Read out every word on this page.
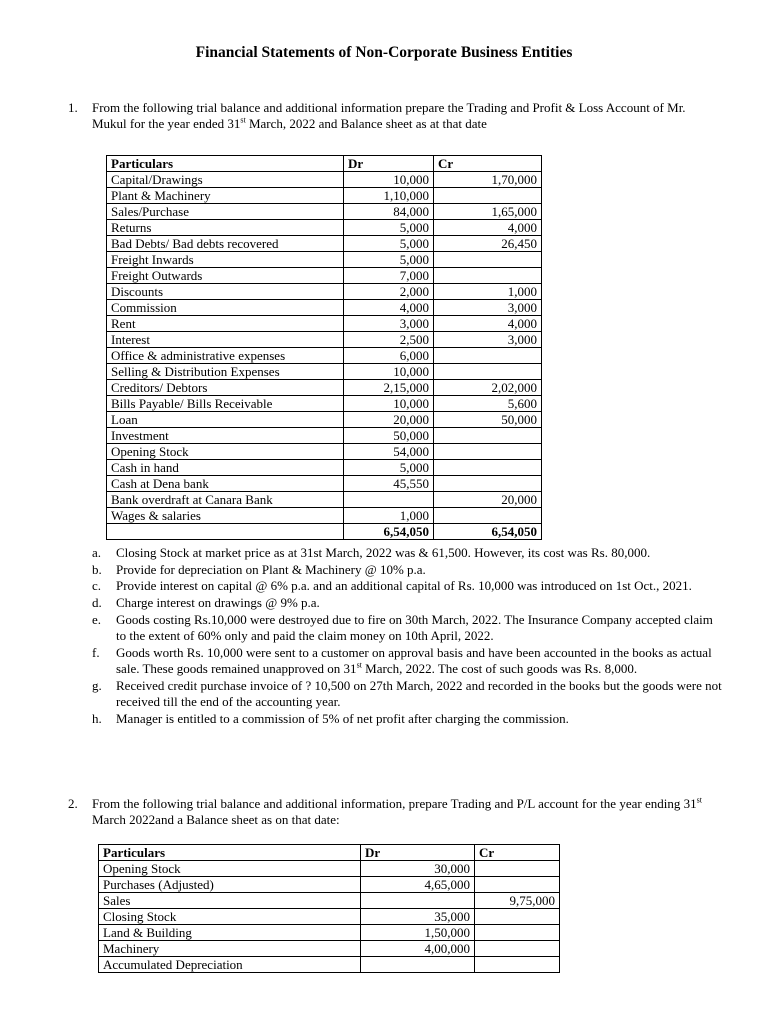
Financial Statements of Non-Corporate Business Entities
1. From the following trial balance and additional information prepare the Trading and Profit & Loss Account of Mr. Mukul for the year ended 31st March, 2022 and Balance sheet as at that date
Particulars	Dr	Cr
Capital/Drawings	10,000	1,70,000
Plant & Machinery	1,10,000	
Sales/Purchase	84,000	1,65,000
Returns	5,000	4,000
Bad Debts/ Bad debts recovered	5,000	26,450
Freight Inwards	5,000	
Freight Outwards	7,000	
Discounts	2,000	1,000
Commission	4,000	3,000
Rent	3,000	4,000
Interest	2,500	3,000
Office & administrative expenses	6,000	
Selling & Distribution Expenses	10,000	
Creditors/ Debtors	2,15,000	2,02,000
Bills Payable/ Bills Receivable	10,000	5,600
Loan	20,000	50,000
Investment	50,000	
Opening Stock	54,000	
Cash in hand	5,000	
Cash at Dena bank	45,550	
Bank overdraft at Canara Bank		20,000
Wages & salaries	1,000	
	6,54,050	6,54,050
a. Closing Stock at market price as at 31st March, 2022 was & 61,500. However, its cost was Rs. 80,000.
b. Provide for depreciation on Plant & Machinery @ 10% p.a.
c. Provide interest on capital @ 6% p.a. and an additional capital of Rs. 10,000 was introduced on 1st Oct., 2021.
d. Charge interest on drawings @ 9% p.a.
e. Goods costing Rs.10,000 were destroyed due to fire on 30th March, 2022. The Insurance Company accepted claim to the extent of 60% only and paid the claim money on 10th April, 2022.
f. Goods worth Rs. 10,000 were sent to a customer on approval basis and have been accounted in the books as actual sale. These goods remained unapproved on 31st March, 2022. The cost of such goods was Rs. 8,000.
g. Received credit purchase invoice of ? 10,500 on 27th March, 2022 and recorded in the books but the goods were not received till the end of the accounting year.
h. Manager is entitled to a commission of 5% of net profit after charging the commission.
2. From the following trial balance and additional information, prepare Trading and P/L account for the year ending 31st March 2022and a Balance sheet as on that date:
Particulars	Dr	Cr
Opening Stock	30,000	
Purchases (Adjusted)	4,65,000	
Sales		9,75,000
Closing Stock	35,000	
Land & Building	1,50,000	
Machinery	4,00,000	
Accumulated Depreciation		
